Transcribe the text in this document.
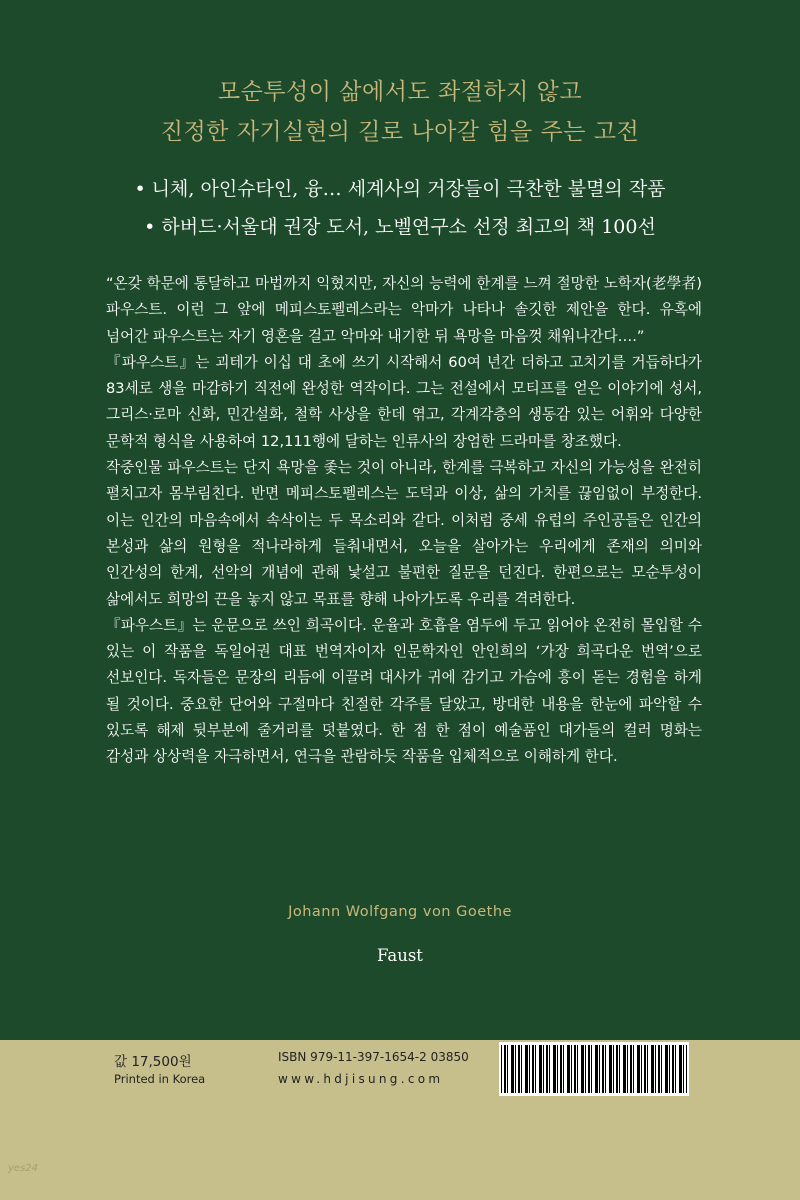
모순투성이 삶에서도 좌절하지 않고

진정한 자기실현의 길로 나아갈 힘을 주는 고전

• 니체, 아인슈타인, 융… 세계사의 거장들이 극찬한 불멸의 작품

• 하버드·서울대 권장 도서, 노벨연구소 선정 최고의 책 100선

“온갖 학문에 통달하고 마법까지 익혔지만, 자신의 능력에 한계를 느껴 절망한 노학자(老學者) 파우스트. 이런 그 앞에 메피스토펠레스라는 악마가 나타나 솔깃한 제안을 한다. 유혹에 넘어간 파우스트는 자기 영혼을 걸고 악마와 내기한 뒤 욕망을 마음껏 채워나간다….”

『파우스트』는 괴테가 이십 대 초에 쓰기 시작해서 60여 년간 더하고 고치기를 거듭하다가 83세로 생을 마감하기 직전에 완성한 역작이다. 그는 전설에서 모티프를 얻은 이야기에 성서, 그리스·로마 신화, 민간설화, 철학 사상을 한데 엮고, 각계각층의 생동감 있는 어휘와 다양한 문학적 형식을 사용하여 12,111행에 달하는 인류사의 장엄한 드라마를 창조했다.

작중인물 파우스트는 단지 욕망을 좇는 것이 아니라, 한계를 극복하고 자신의 가능성을 완전히 펼치고자 몸부림친다. 반면 메피스토펠레스는 도덕과 이상, 삶의 가치를 끊임없이 부정한다. 이는 인간의 마음속에서 속삭이는 두 목소리와 같다. 이처럼 중세 유럽의 주인공들은 인간의 본성과 삶의 원형을 적나라하게 들춰내면서, 오늘을 살아가는 우리에게 존재의 의미와 인간성의 한계, 선악의 개념에 관해 낯설고 불편한 질문을 던진다. 한편으로는 모순투성이 삶에서도 희망의 끈을 놓지 않고 목표를 향해 나아가도록 우리를 격려한다.

『파우스트』는 운문으로 쓰인 희곡이다. 운율과 호흡을 염두에 두고 읽어야 온전히 몰입할 수 있는 이 작품을 독일어권 대표 번역자이자 인문학자인 안인희의 ‘가장 희곡다운 번역’으로 선보인다. 독자들은 문장의 리듬에 이끌려 대사가 귀에 감기고 가슴에 흥이 돋는 경험을 하게 될 것이다. 중요한 단어와 구절마다 친절한 각주를 달았고, 방대한 내용을 한눈에 파악할 수 있도록 해제 뒷부분에 줄거리를 덧붙였다. 한 점 한 점이 예술품인 대가들의 컬러 명화는 감성과 상상력을 자극하면서, 연극을 관람하듯 작품을 입체적으로 이해하게 한다.

Johann Wolfgang von Goethe
Faust
값 17,500원
Printed in Korea
ISBN 979-11-397-1654-2 03850
www.hdjisung.com
yes24
